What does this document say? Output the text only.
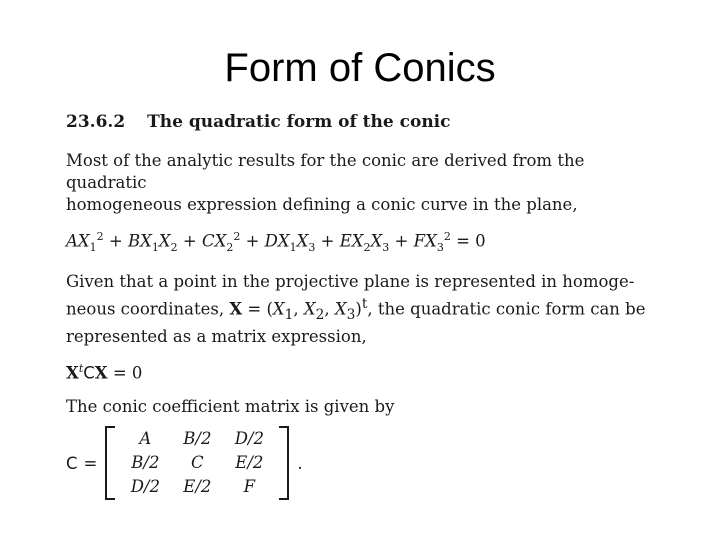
Form of Conics
23.6.2 The quadratic form of the conic
Most of the analytic results for the conic are derived from the quadratic
homogeneous expression defining a conic curve in the plane,
$AX_1^2 + BX_1X_2 + CX_2^2 + DX_1X_3 + EX_2X_3 + FX_3^2 = 0$
Given that a point in the projective plane is represented in homoge-
neous coordinates, $X = (X_1$, $X_2$, $X_3)^t$, the quadratic conic form can be
represented as a matrix expression,
$X^tCX = 0$
The conic coefficient matrix is given by
C =
A	B/2	D/2
B/2	C	E/2
D/2	E/2	F
.
